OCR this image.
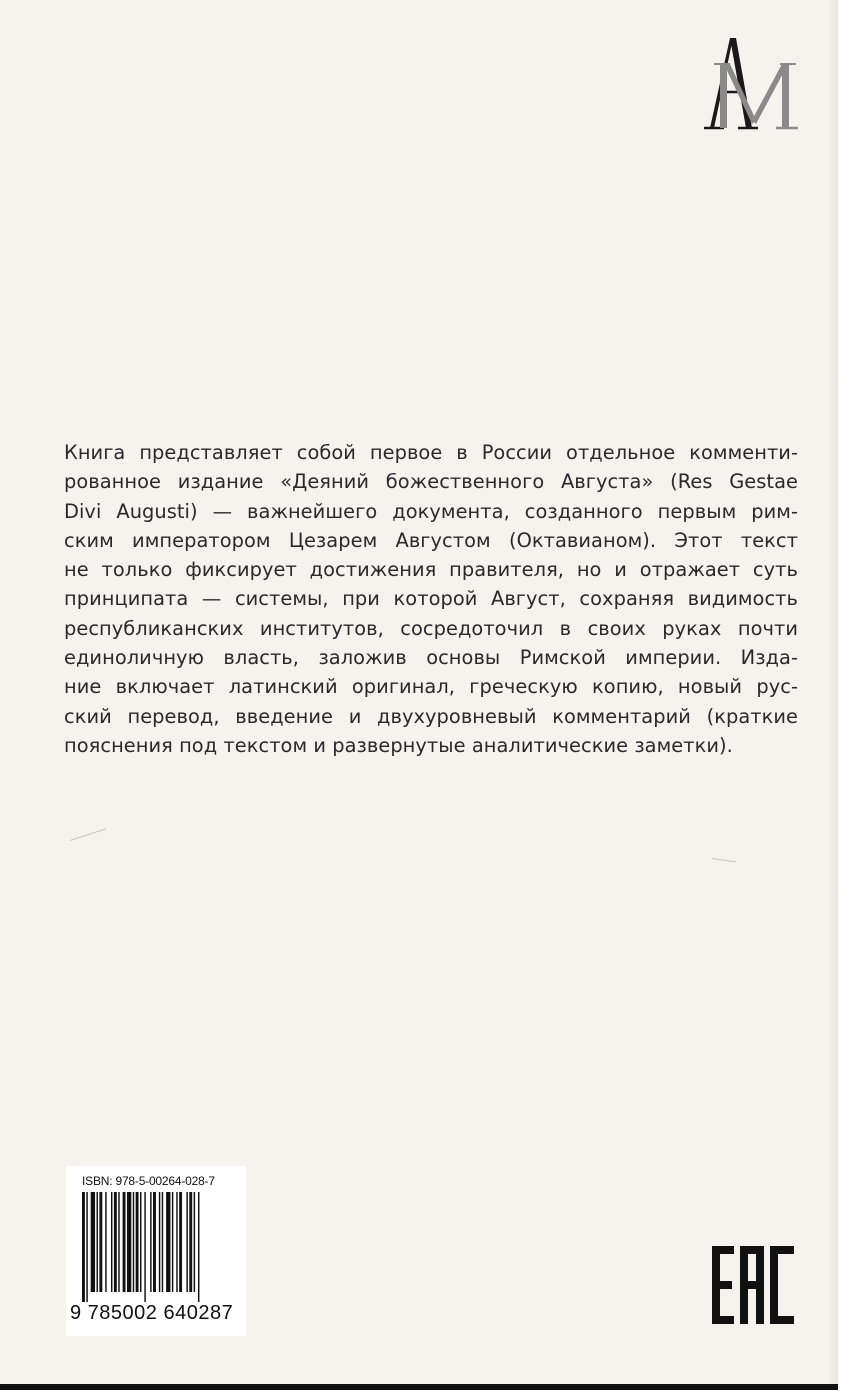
Книга представляет собой первое в России отдельное комменти-
рованное издание «Деяний божественного Августа» (Res Gestae
Divi Augusti) — важнейшего документа, созданного первым рим-
ским императором Цезарем Августом (Октавианом). Этот текст
не только фиксирует достижения правителя, но и отражает суть
принципата — системы, при которой Август, сохраняя видимость
республиканских институтов, сосредоточил в своих руках почти
единоличную власть, заложив основы Римской империи. Изда-
ние включает латинский оригинал, греческую копию, новый рус-
ский перевод, введение и двухуровневый комментарий (краткие
пояснения под текстом и развернутые аналитические заметки).
ISBN: 978-5-00264-028-7
9 785002 640287
